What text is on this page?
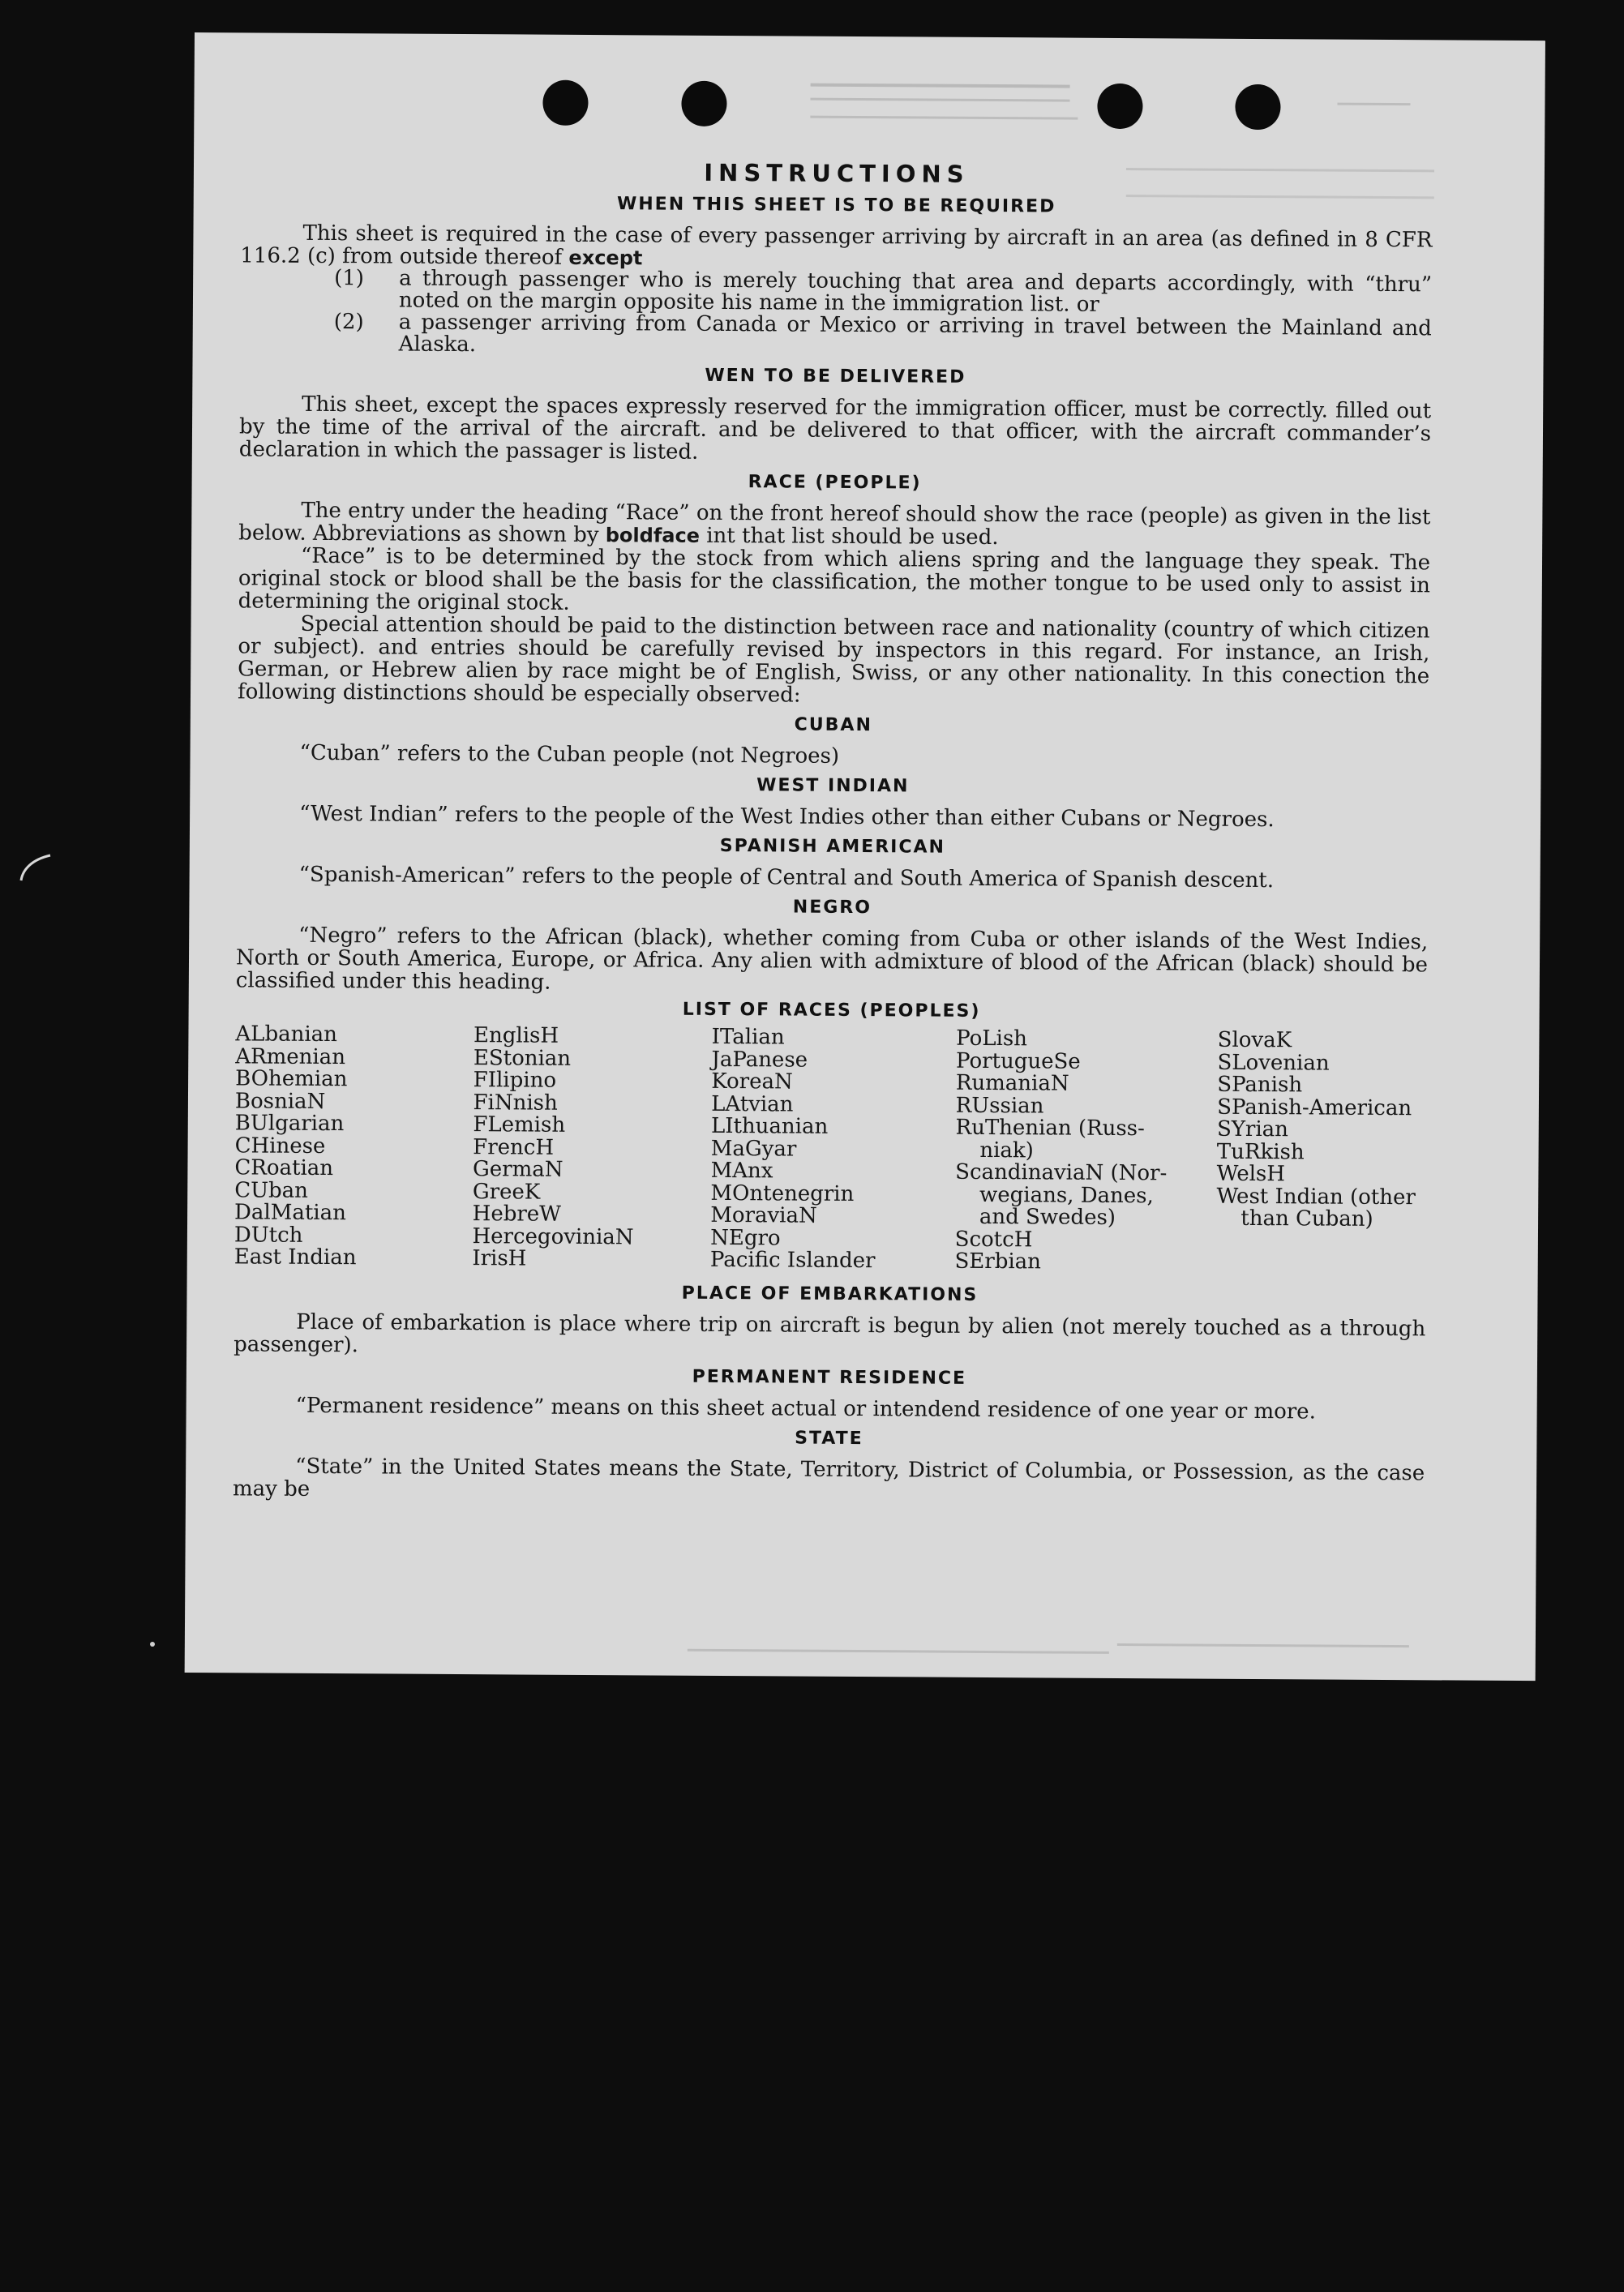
INSTRUCTIONS
WHEN THIS SHEET IS TO BE REQUIRED

This sheet is required in the case of every passenger arriving by aircraft in an area (as defined in 8 CFR 116.2 (c) from outside thereof except

(1) a through passenger who is merely touching that area and departs accordingly, with “thru” noted on the margin opposite his name in the immigration list. or
(2) a passenger arriving from Canada or Mexico or arriving in travel between the Mainland and Alaska.
WEN TO BE DELIVERED

This sheet, except the spaces expressly reserved for the immigration officer, must be correctly. filled out by the time of the arrival of the aircraft. and be delivered to that officer, with the aircraft commander’s declaration in which the passager is listed.

RACE (PEOPLE)

The entry under the heading “Race” on the front hereof should show the race (people) as given in the list below. Abbreviations as shown by boldface int that list should be used.

“Race” is to be determined by the stock from which aliens spring and the language they speak. The original stock or blood shall be the basis for the classification, the mother tongue to be used only to assist in determining the original stock.

Special attention should be paid to the distinction between race and nationality (country of which citizen or subject). and entries should be carefully revised by inspectors in this regard. For instance, an Irish, German, or Hebrew alien by race might be of English, Swiss, or any other nationality. In this conection the following distinctions should be especially observed:

CUBAN

“Cuban” refers to the Cuban people (not Negroes)

WEST INDIAN

“West Indian” refers to the people of the West Indies other than either Cubans or Negroes.

SPANISH AMERICAN

“Spanish-American” refers to the people of Central and South America of Spanish descent.

NEGRO

“Negro” refers to the African (black), whether coming from Cuba or other islands of the West Indies, North or South America, Europe, or Africa. Any alien with admixture of blood of the African (black) should be classified under this heading.

LIST OF RACES (PEOPLES)
ALbanian
ARmenian
BOhemian
BosniaN
BUlgarian
CHinese
CRoatian
CUban
DalMatian
DUtch
East Indian
EnglisH
EStonian
FIlipino
FiNnish
FLemish
FrencH
GermaN
GreeK
HebreW
HercegoviniaN
IrisH
ITalian
JaPanese
KoreaN
LAtvian
LIthuanian
MaGyar
MAnx
MOntenegrin
MoraviaN
NEgro
Pacific Islander
PoLish
PortugueSe
RumaniaN
RUssian
RuThenian (Russ-
niak)
ScandinaviaN (Nor-
wegians, Danes,
and Swedes)
ScotcH
SErbian
SlovaK
SLovenian
SPanish
SPanish-American
SYrian
TuRkish
WelsH
West Indian (other
than Cuban)
PLACE OF EMBARKATIONS

Place of embarkation is place where trip on aircraft is begun by alien (not merely touched as a through passenger).

PERMANENT RESIDENCE

“Permanent residence” means on this sheet actual or intendend residence of one year or more.

STATE

“State” in the United States means the State, Territory, District of Columbia, or Possession, as the case may be
